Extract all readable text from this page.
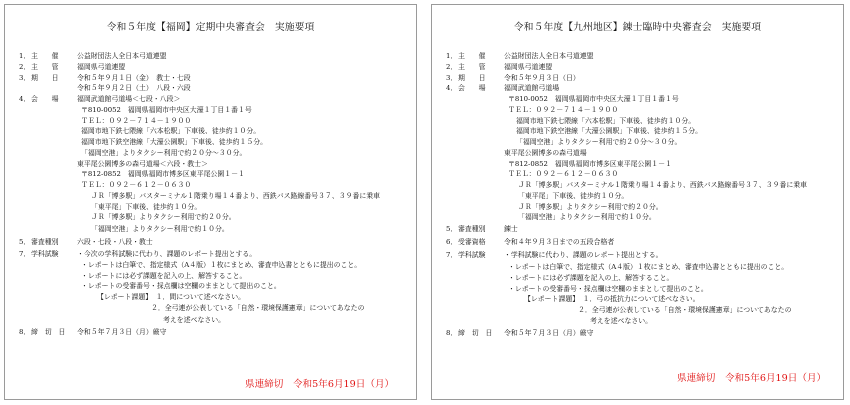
令和５年度【福岡】定期中央審査会　実施要項
1． 主　　催	公益財団法人全日本弓道連盟
2． 主　　管	福岡県弓道連盟
3． 期　　日	令和５年９月１日（金）　教士・七段
令和５年９月２日（土）　八段・六段
4． 会　　場	福岡武道館弓道場＜七段・八段＞
〒810-0052　福岡県福岡市中央区大濠１丁目１番１号
ＴＥＬ：０９２－７１４－１９００
福岡市地下鉄七隈線「六本松駅」下車後、徒歩約１０分。
福岡市地下鉄空港線「大濠公園駅」下車後、徒歩約１５分。
「福岡空港」よりタクシー利用で約２０分～３０分。
東平尾公園博多の森弓道場＜六段・教士＞
〒812-0852　福岡県福岡市博多区東平尾公園１－１
ＴＥＬ：０９２－６１２－０６３０
ＪＲ「博多駅」バスターミナル１階乗り場１４番より、西鉄バス路線番号３７、３９番に乗車
「東平尾」下車後、徒歩約１０分。
ＪＲ「博多駅」よりタクシー利用で約２０分。
「福岡空港」よりタクシー利用で約１０分。
5． 審査種別	六段・七段・八段・教士
7． 学科試験	・今次の学科試験に代わり、課題のレポート提出とする。
・レポートは白筆で、指定様式（A４版）１枚にまとめ、審査申込書とともに提出のこと。
・レポートには必ず課題を記入の上、解答すること。
・レポートの受審番号・採点欄は空欄のままとして提出のこと。
【レポート課題】　１．間について述べなさい。
２．全弓連が公表している「自然・環境保護憲章」についてあなたの
考えを述べなさい。
8． 締　切　日 令和５年７月３日（月）厳守
県連締切　令和5年6月19日（月）
令和５年度【九州地区】錬士臨時中央審査会　実施要項
1． 主　　催	公益財団法人全日本弓道連盟
2． 主　　管	福岡県弓道連盟
3． 期　　日	令和５年９月３日（日）
4． 会　　場	福岡武道館弓道場
〒810-0052　福岡県福岡市中央区大濠１丁目１番１号
ＴＥＬ：０９２－７１４－１９００
福岡市地下鉄七隈線「六本松駅」下車後、徒歩約１０分。
福岡市地下鉄空港線「大濠公園駅」下車後、徒歩約１５分。
「福岡空港」よりタクシー利用で約２０分～３０分。
東平尾公園博多の森弓道場
〒812-0852　福岡県福岡市博多区東平尾公園１－１
ＴＥＬ：０９２－６１２－０６３０
ＪＲ「博多駅」バスターミナル１階乗り場１４番より、西鉄バス路線番号３７、３９番に乗車
「東平尾」下車後、徒歩約１０分。
ＪＲ「博多駅」よりタクシー利用で約２０分。
「福岡空港」よりタクシー利用で約１０分。
5． 審査種別	錬士
6． 受審資格	令和４年９月３日までの五段合格者
7． 学科試験	・学科試験に代わり、課題のレポート提出とする。
・レポートは白筆で、指定様式（A４版）１枚にまとめ、審査申込書とともに提出のこと。
・レポートには必ず課題を記入の上、解答すること。
・レポートの受審番号・採点欄は空欄のままとして提出のこと。
【レポート課題】　１．弓の抵抗力について述べなさい。
２．全弓連が公表している「自然・環境保護憲章」についてあなたの
考えを述べなさい。
8． 締　切　日 令和５年７月３日（月）厳守
県連締切　令和5年6月19日（月）
